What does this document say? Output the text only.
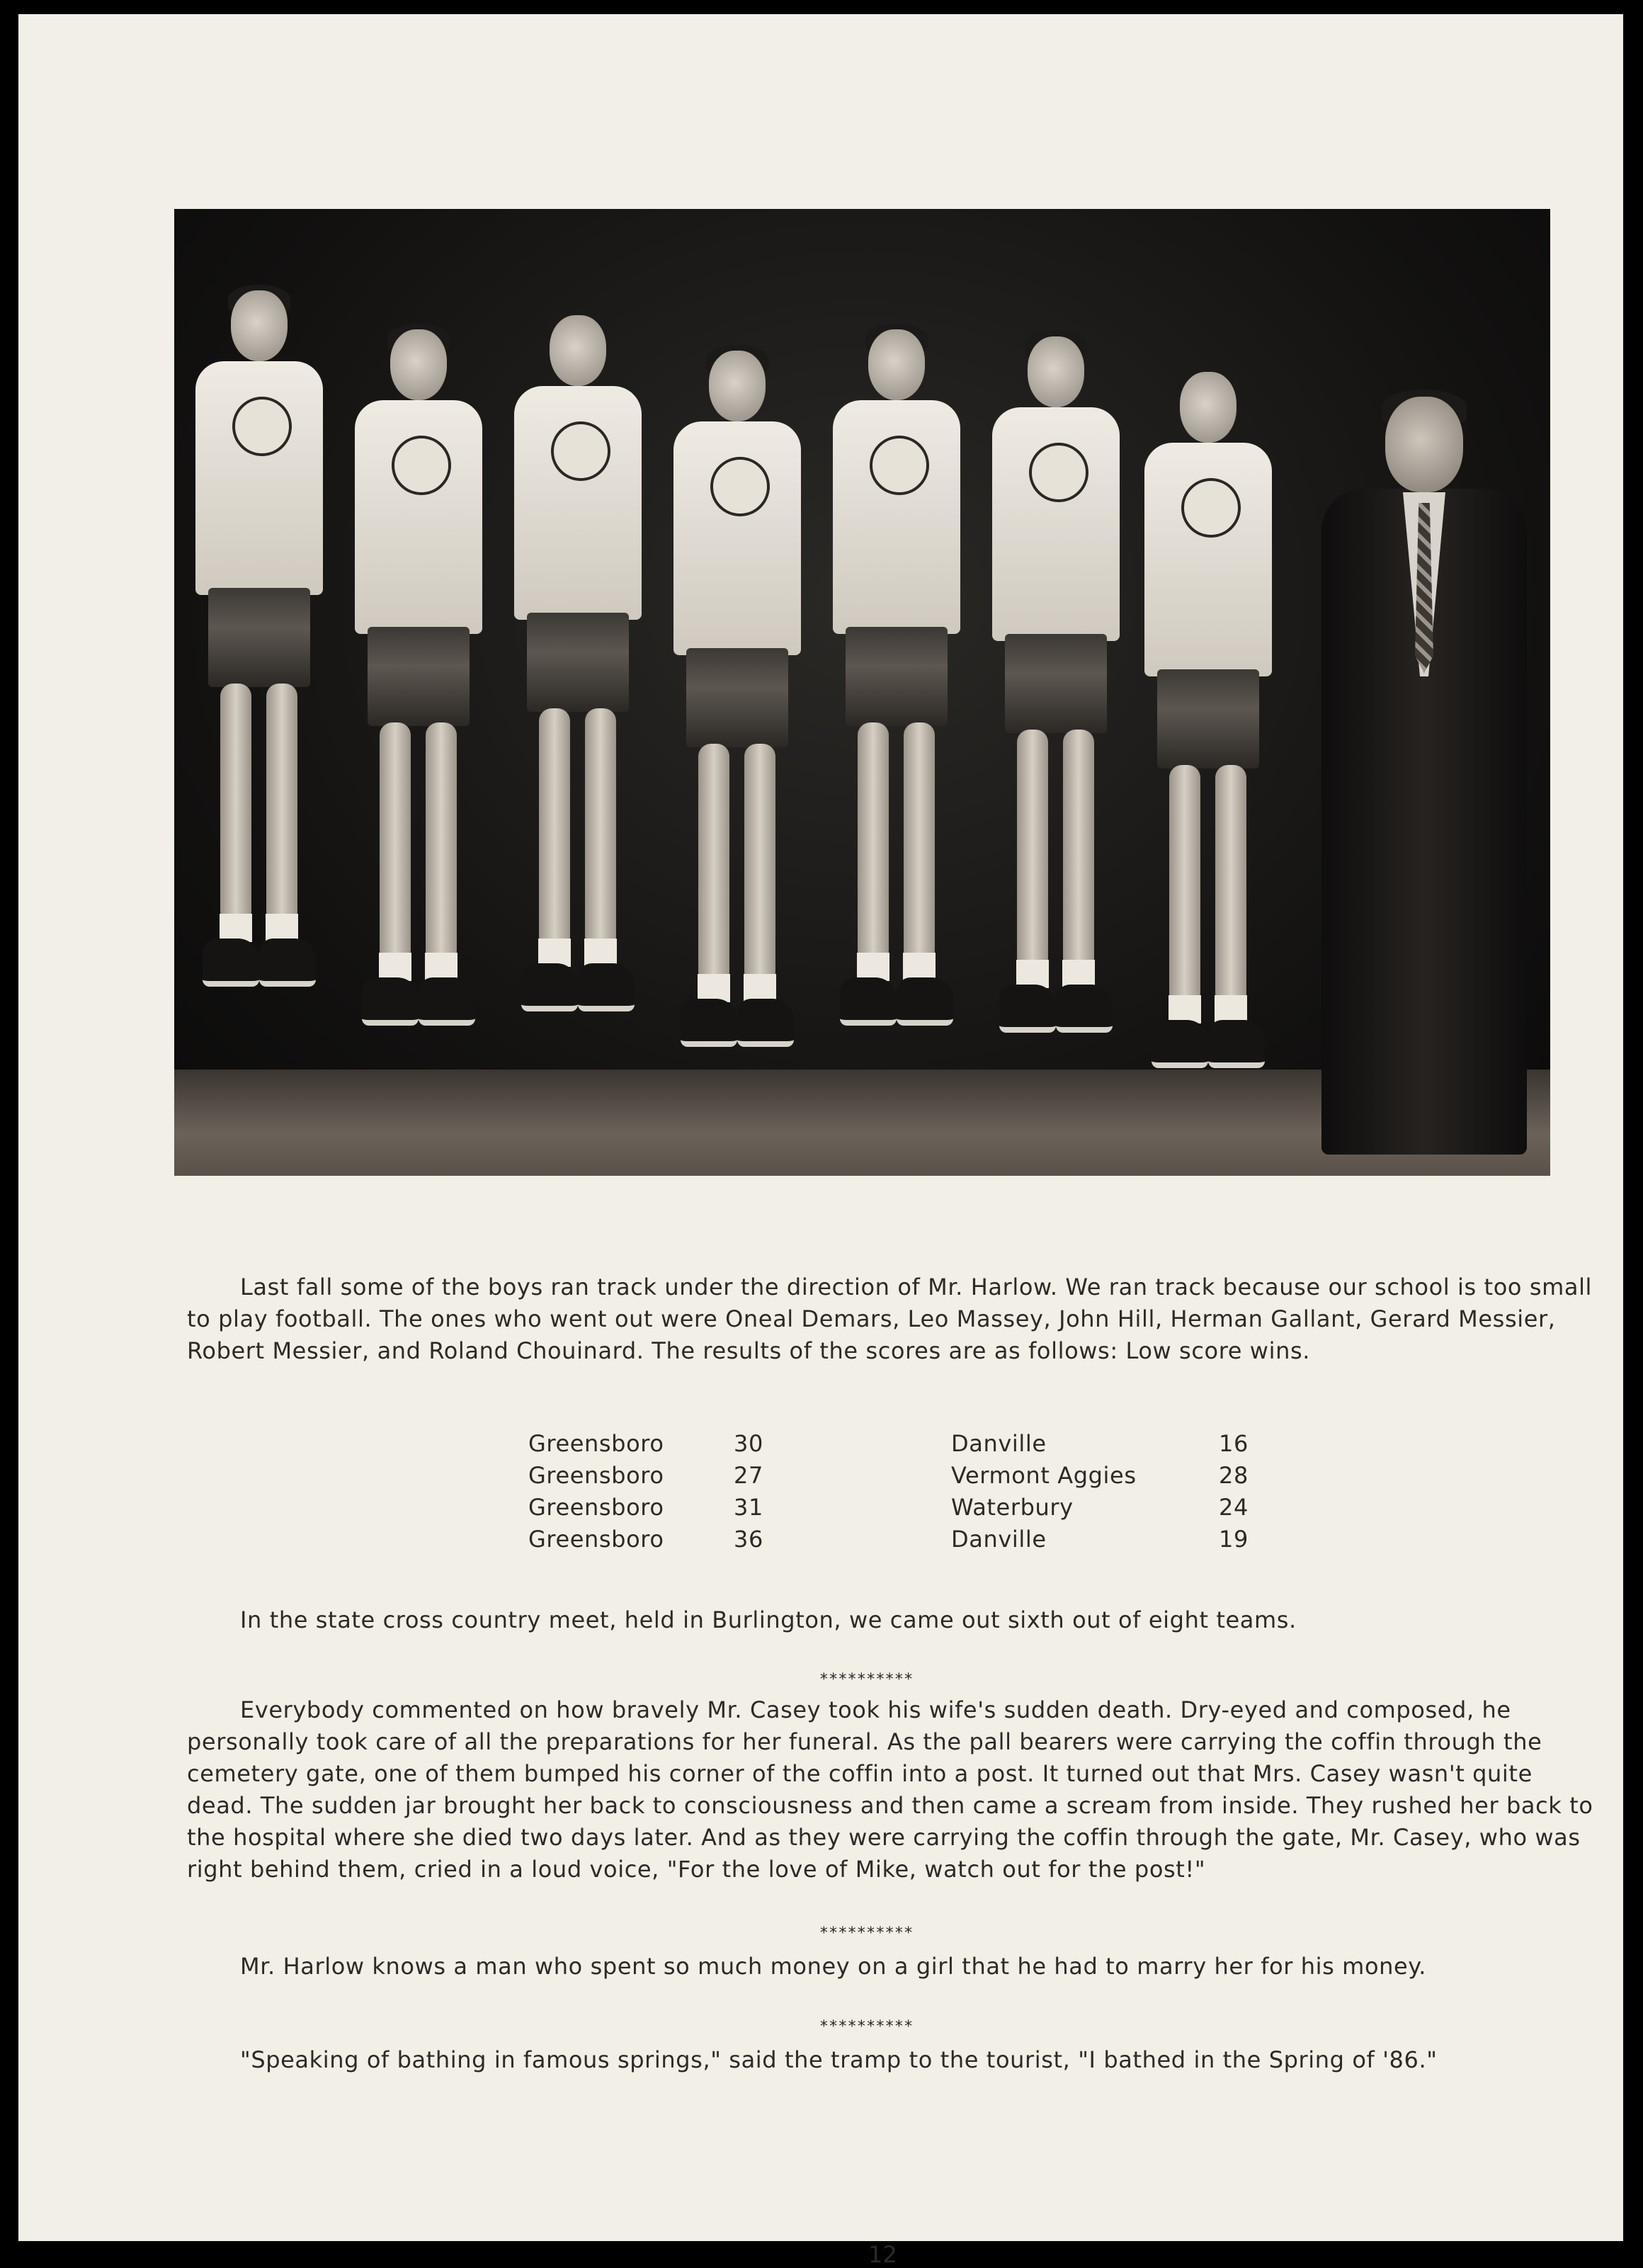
Last fall some of the boys ran track under the direction of Mr. Harlow. We ran track because our school is too small to play football. The ones who went out were Oneal Demars, Leo Massey, John Hill, Herman Gallant, Gerard Messier, Robert Messier, and Roland Chouinard. The results of the scores are as follows: Low score wins.

Greensboro	30	Danville	16
Greensboro	27	Vermont Aggies	28
Greensboro	31	Waterbury	24
Greensboro	36	Danville	19

In the state cross country meet, held in Burlington, we came out sixth out of eight teams.

**********

Everybody commented on how bravely Mr. Casey took his wife's sudden death. Dry-eyed and composed, he personally took care of all the preparations for her funeral. As the pall bearers were carrying the coffin through the cemetery gate, one of them bumped his corner of the coffin into a post. It turned out that Mrs. Casey wasn't quite dead. The sudden jar brought her back to consciousness and then came a scream from inside. They rushed her back to the hospital where she died two days later. And as they were carrying the coffin through the gate, Mr. Casey, who was right behind them, cried in a loud voice, "For the love of Mike, watch out for the post!"

**********

Mr. Harlow knows a man who spent so much money on a girl that he had to marry her for his money.

**********

"Speaking of bathing in famous springs," said the tramp to the tourist, "I bathed in the Spring of '86."

12
